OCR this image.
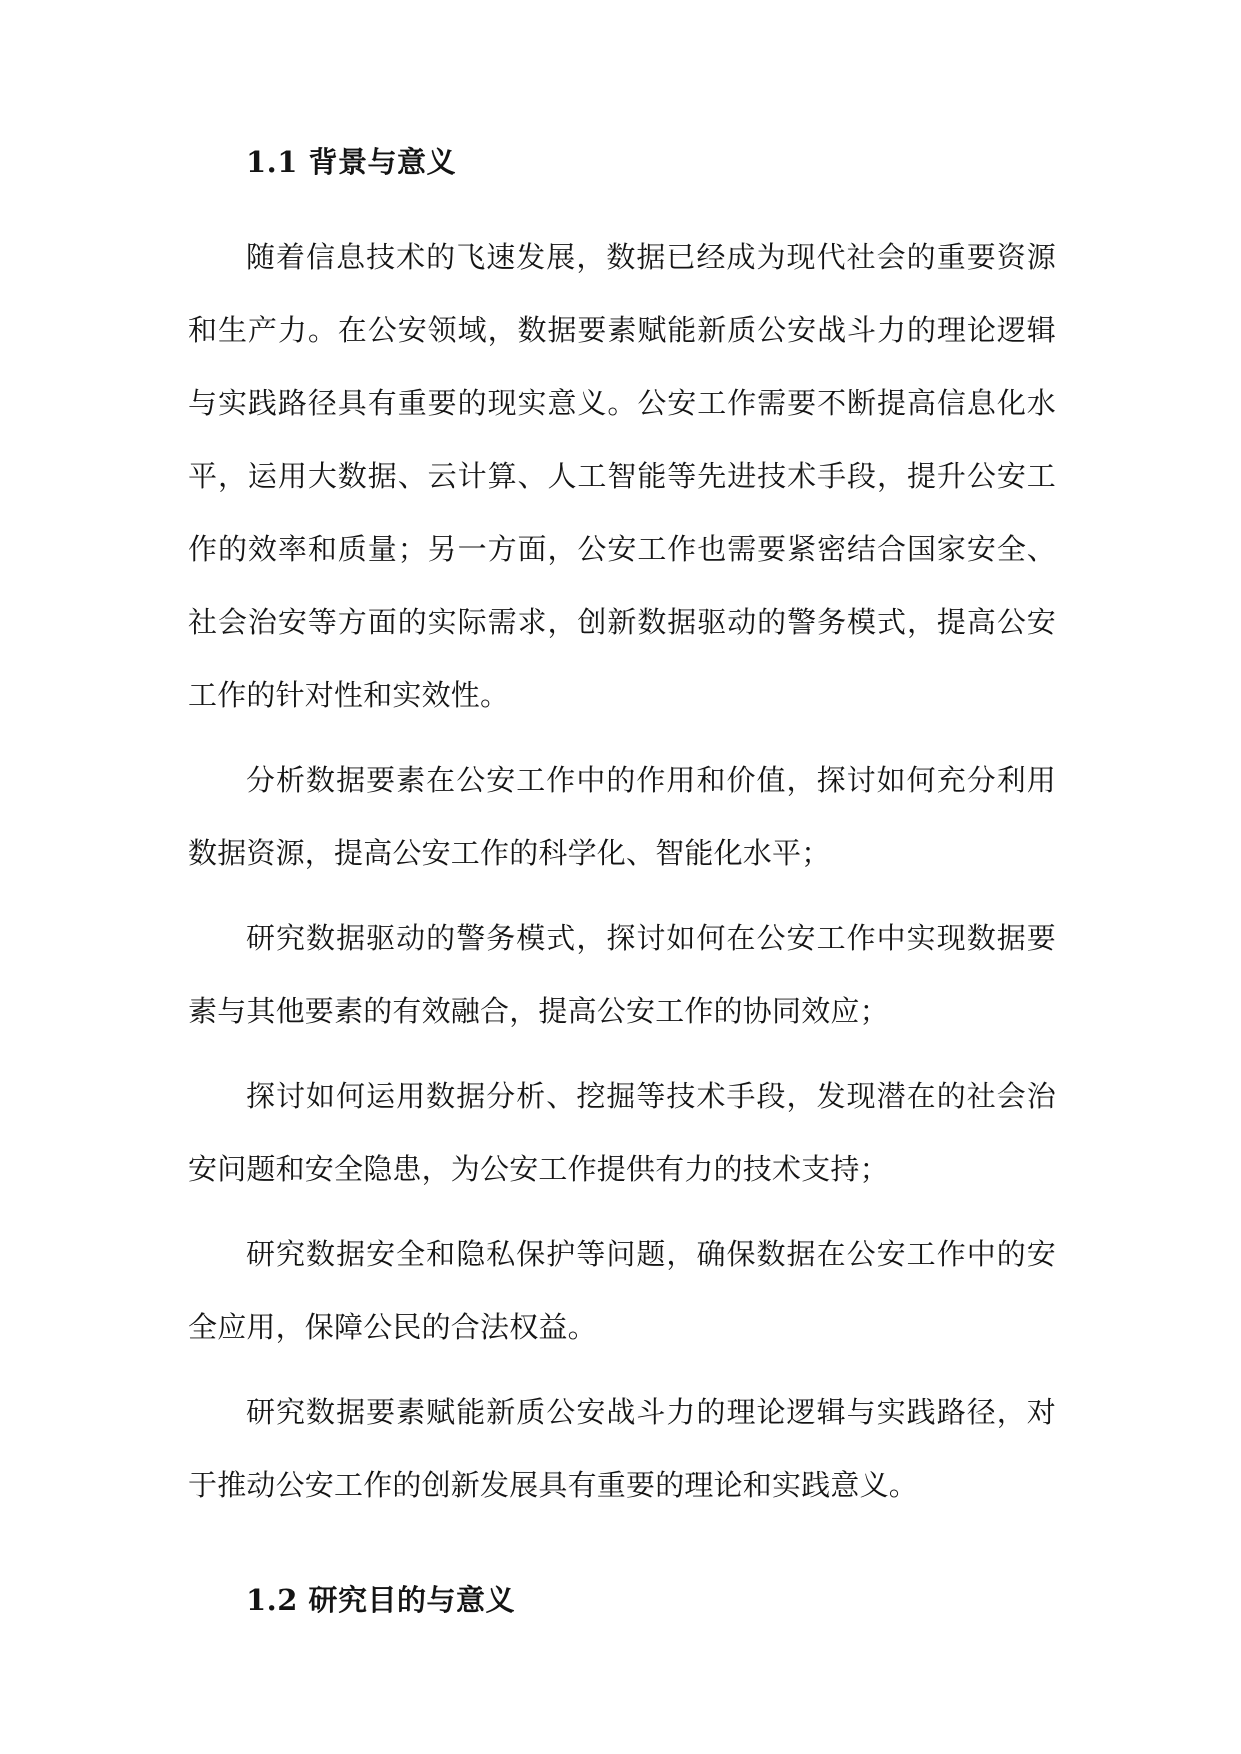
1.1 背景与意义

随着信息技术的飞速发展，数据已经成为现代社会的重要资源和生产力。在公安领域，数据要素赋能新质公安战斗力的理论逻辑与实践路径具有重要的现实意义。公安工作需要不断提高信息化水平，运用大数据、云计算、人工智能等先进技术手段，提升公安工作的效率和质量；另一方面，公安工作也需要紧密结合国家安全、社会治安等方面的实际需求，创新数据驱动的警务模式，提高公安工作的针对性和实效性。

分析数据要素在公安工作中的作用和价值，探讨如何充分利用数据资源，提高公安工作的科学化、智能化水平；

研究数据驱动的警务模式，探讨如何在公安工作中实现数据要素与其他要素的有效融合，提高公安工作的协同效应；

探讨如何运用数据分析、挖掘等技术手段，发现潜在的社会治安问题和安全隐患，为公安工作提供有力的技术支持；

研究数据安全和隐私保护等问题，确保数据在公安工作中的安全应用，保障公民的合法权益。

研究数据要素赋能新质公安战斗力的理论逻辑与实践路径，对于推动公安工作的创新发展具有重要的理论和实践意义。

1.2 研究目的与意义
